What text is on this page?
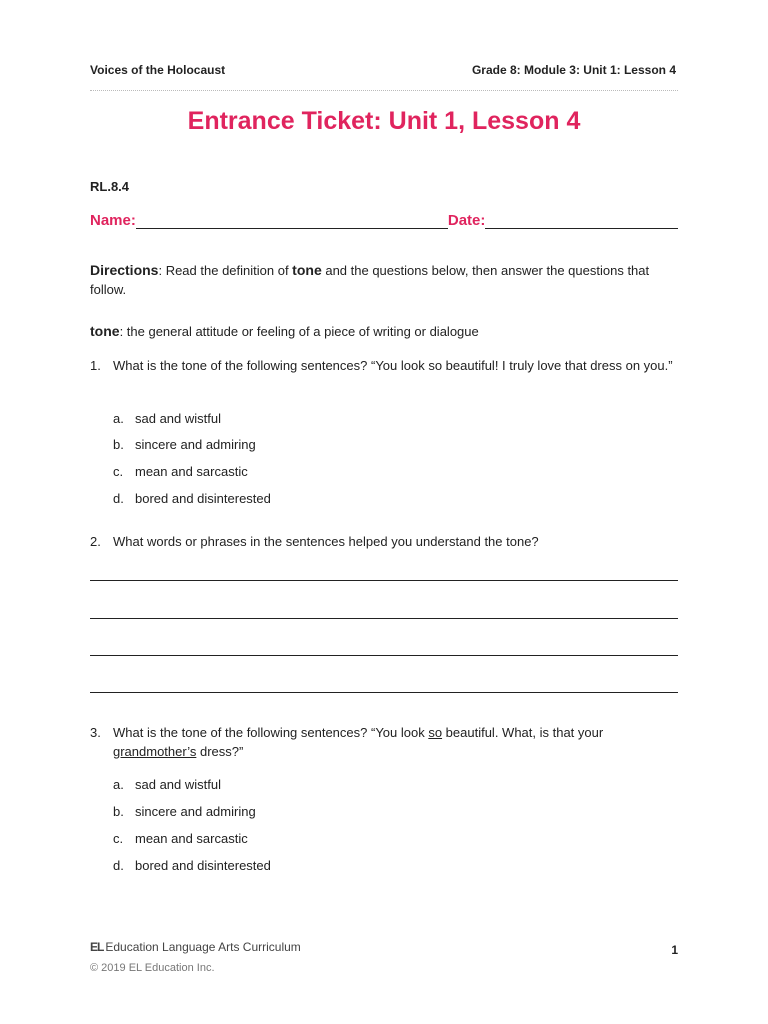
Voices of the Holocaust	Grade 8: Module 3: Unit 1: Lesson 4
Entrance Ticket: Unit 1, Lesson 4
RL.8.4
Name:	Date:
Directions: Read the definition of tone and the questions below, then answer the questions that follow.
tone: the general attitude or feeling of a piece of writing or dialogue
1. What is the tone of the following sentences? “You look so beautiful! I truly love that dress on you.”
a. sad and wistful
b. sincere and admiring
c. mean and sarcastic
d. bored and disinterested
2. What words or phrases in the sentences helped you understand the tone?
3. What is the tone of the following sentences? “You look so beautiful. What, is that your grandmother’s dress?”
a. sad and wistful
b. sincere and admiring
c. mean and sarcastic
d. bored and disinterested
EL Education Language Arts Curriculum
© 2019 EL Education Inc.
1
